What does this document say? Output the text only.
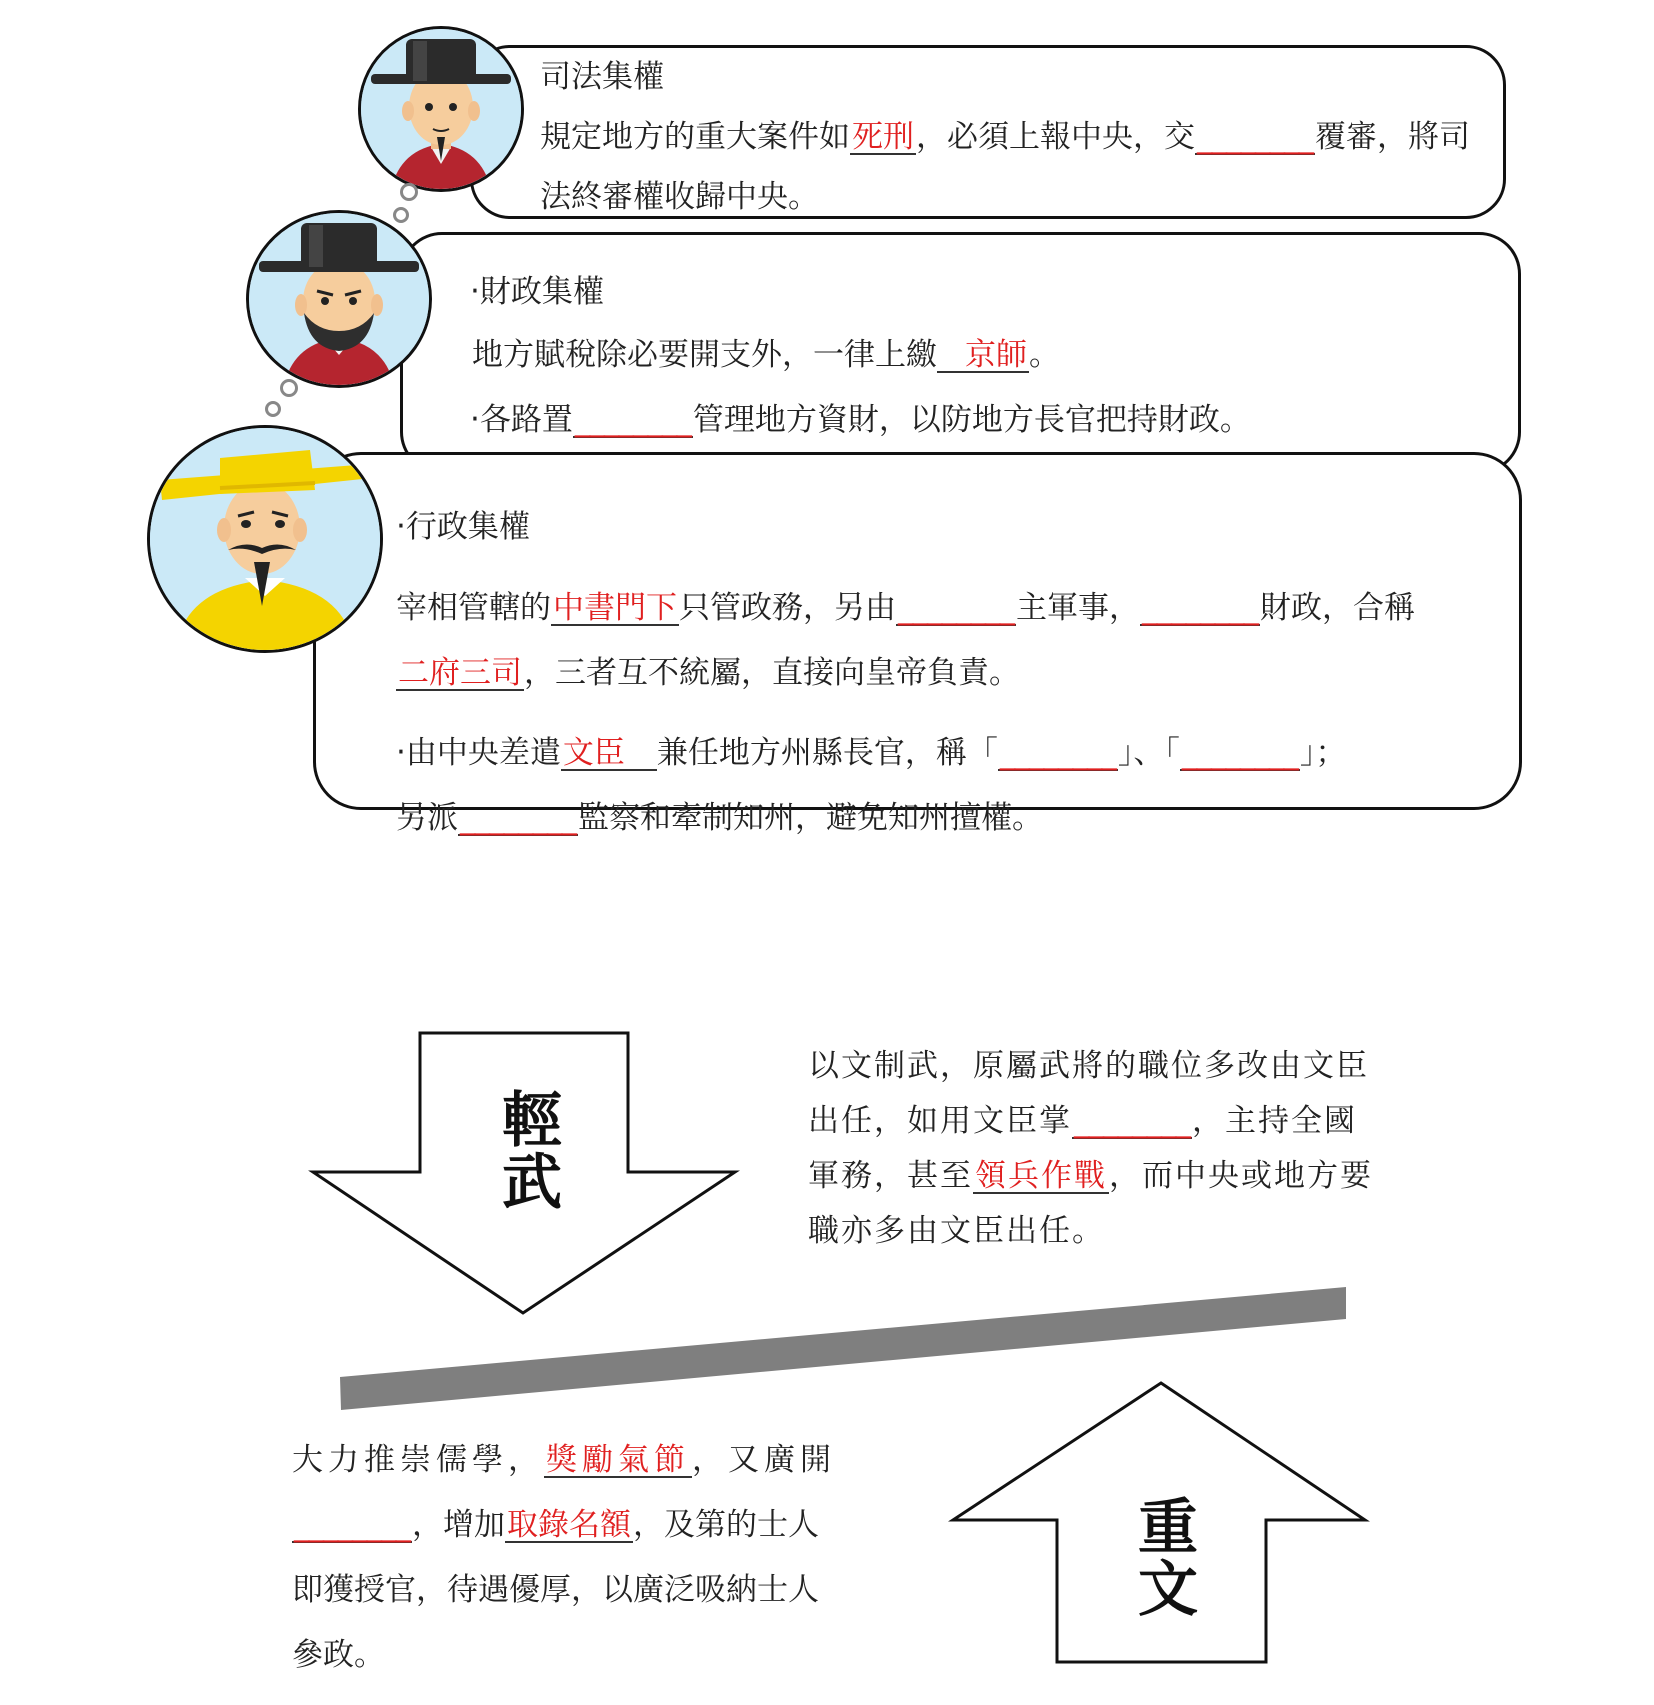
司法集權
規定地方的重大案件如死刑，必須上報中央，交________覆審，將司
法終審權收歸中央。
‧財政集權
地方賦稅除必要開支外，一律上繳 京師。
‧各路置________管理地方資財，以防地方長官把持財政。
‧行政集權
宰相管轄的中書門下只管政務，另由________主軍事，________財政，合稱
二府三司，三者互不統屬，直接向皇帝負責。
‧由中央差遣文臣 兼任地方州縣長官，稱「________」、「________」；
另派________監察和牽制知州，避免知州擅權。
輕武
重文
以文制武，原屬武將的職位多改由文臣
出任，如用文臣掌________，主持全國
軍務，甚至領兵作戰，而中央或地方要
職亦多由文臣出任。
大力推崇儒學，獎勵氣節，又廣開
________，增加取錄名額，及第的士人
即獲授官，待遇優厚，以廣泛吸納士人
參政。
